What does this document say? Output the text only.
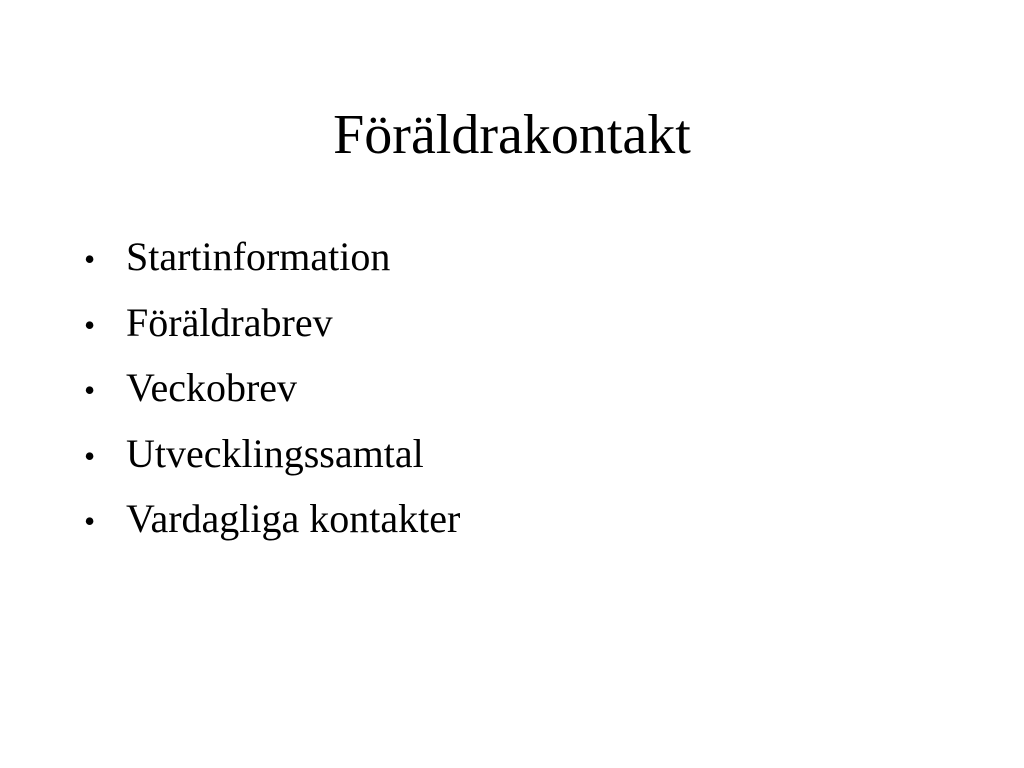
Föräldrakontakt
• Startinformation
• Föräldrabrev
• Veckobrev
• Utvecklingssamtal
• Vardagliga kontakter
